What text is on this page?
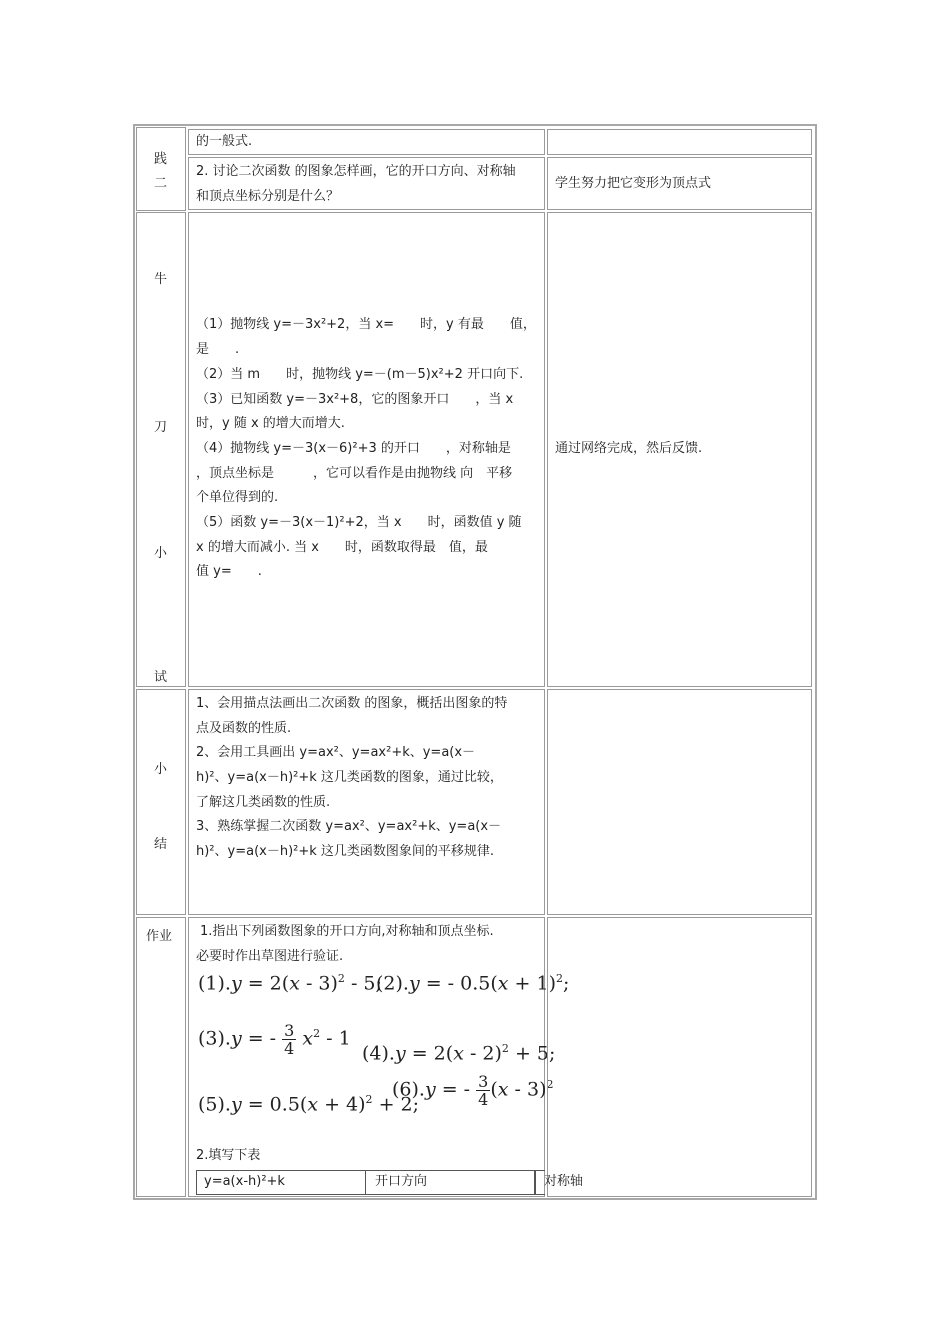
践
二
的一般式.
2. 讨论二次函数 的图象怎样画，它的开口方向、对称轴
和顶点坐标分别是什么？
学生努力把它变形为顶点式
牛
刀
小
试
（1）抛物线 y=－3x²+2，当 x=　　时，y 有最　　值，
是　　.
（2）当 m　　时，抛物线 y=－(m－5)x²+2 开口向下.
（3）已知函数 y=－3x²+8，它的图象开口　　，当 x
时，y 随 x 的增大而增大.
（4）抛物线 y=－3(x－6)²+3 的开口　　，对称轴是
，顶点坐标是　　　，它可以看作是由抛物线 向　平移
个单位得到的.
（5）函数 y=－3(x－1)²+2，当 x　　时，函数值 y 随
x 的增大而减小. 当 x　　时，函数取得最　值，最
值 y=　　.
通过网络完成，然后反馈.
小
结
1、会用描点法画出二次函数 的图象，概括出图象的特
点及函数的性质.
2、会用工具画出 y=ax²、y=ax²+k、y=a(x－
h)²、y=a(x－h)²+k 这几类函数的图象，通过比较，
了解这几类函数的性质.
3、熟练掌握二次函数 y=ax²、y=ax²+k、y=a(x－
h)²、y=a(x－h)²+k 这几类函数图象间的平移规律.
作业 1.指出下列函数图象的开口方向,对称轴和顶点坐标.
必要时作出草图进行验证.
(1).y = 2(x - 3)$^2$ - 5;
(2).y = - $0.5(x + 1)^2$;
(3).y = - $\frac{3}{4} x^2 - 1$
(4).y = 2(x - 2)$^2$ + 5;
$(5).y = 0.5(x + 4)^2 + 2$;
(6).y = - $\frac{3}{4} (x - 3)^2$
2.填写下表
y=a(x-h)²+k	开口方向	对称轴
